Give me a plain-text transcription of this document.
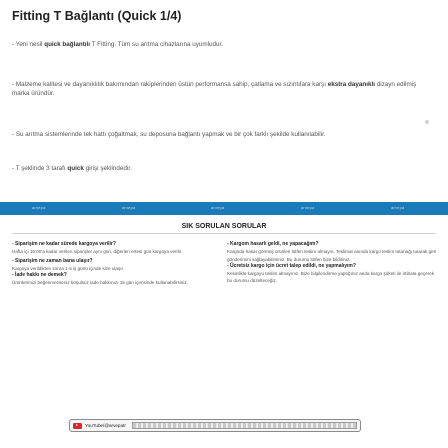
Fitting T Bağlantı (Quick 1/4)

- Yeni nesil quick bağlantılı T Fitting. Tüm su arıtma cihazlarına uyumludur.

- Malzeme kalitesi ve dayanıklılık bakımından rakiplerinden üstün performansa sahip, çatlama ve sızıntılara karşı ekstra dayanıklı dizayn edilmiş marka üründür.

- Su arıtma sistemlerinde tek hattı çoğaltmak, su deposuna bağlantı yapmak ve bir çok farklı şekilde kullanılabilir.

- T şeklinde 3 tarafı quick girişi şeklindedir.

arvepa	arvepa	arvepa	arvepa	arvepa
SIK SORULAN SORULAR
- Siparişim ne kadar sürede kargoya verilir?
Hafta içi 16:00'a kadar verilen siparişler aynı gün, diğerleri ertesi gün kargoya verilir.
- Siparişim ne zaman bana ulaşır?
Kargoya verildikten sonra 1-5 iş günü içinde size ulaşır.
- İade hakkı ne demek?
Ürünlerimizi beğenmezseniz koşulsuz iade hakkınızı 15 gün içerisinde kullanabilirsiniz.
- Kargom hasarlı geldi, ne yapacağım?
Kargoda hasar görmüş ürünleri lütfen teslim almayın. Teslimat anında kargo teslim tutanağı tutarak geri gönderimini sağlayabilirsiniz. Bu durumu lütfen bize bildiriniz.
- Ücretsiz kargo için ücret talep edildi, ne yapmalıyım?
Kesinlikle kargoyu teslim almayınız. Bize bilgilendirme yaptığınız anda kargo şirketi ile irtibata geçerek bu durumu düzelteceğiz.
YouTube/@arvepatr
